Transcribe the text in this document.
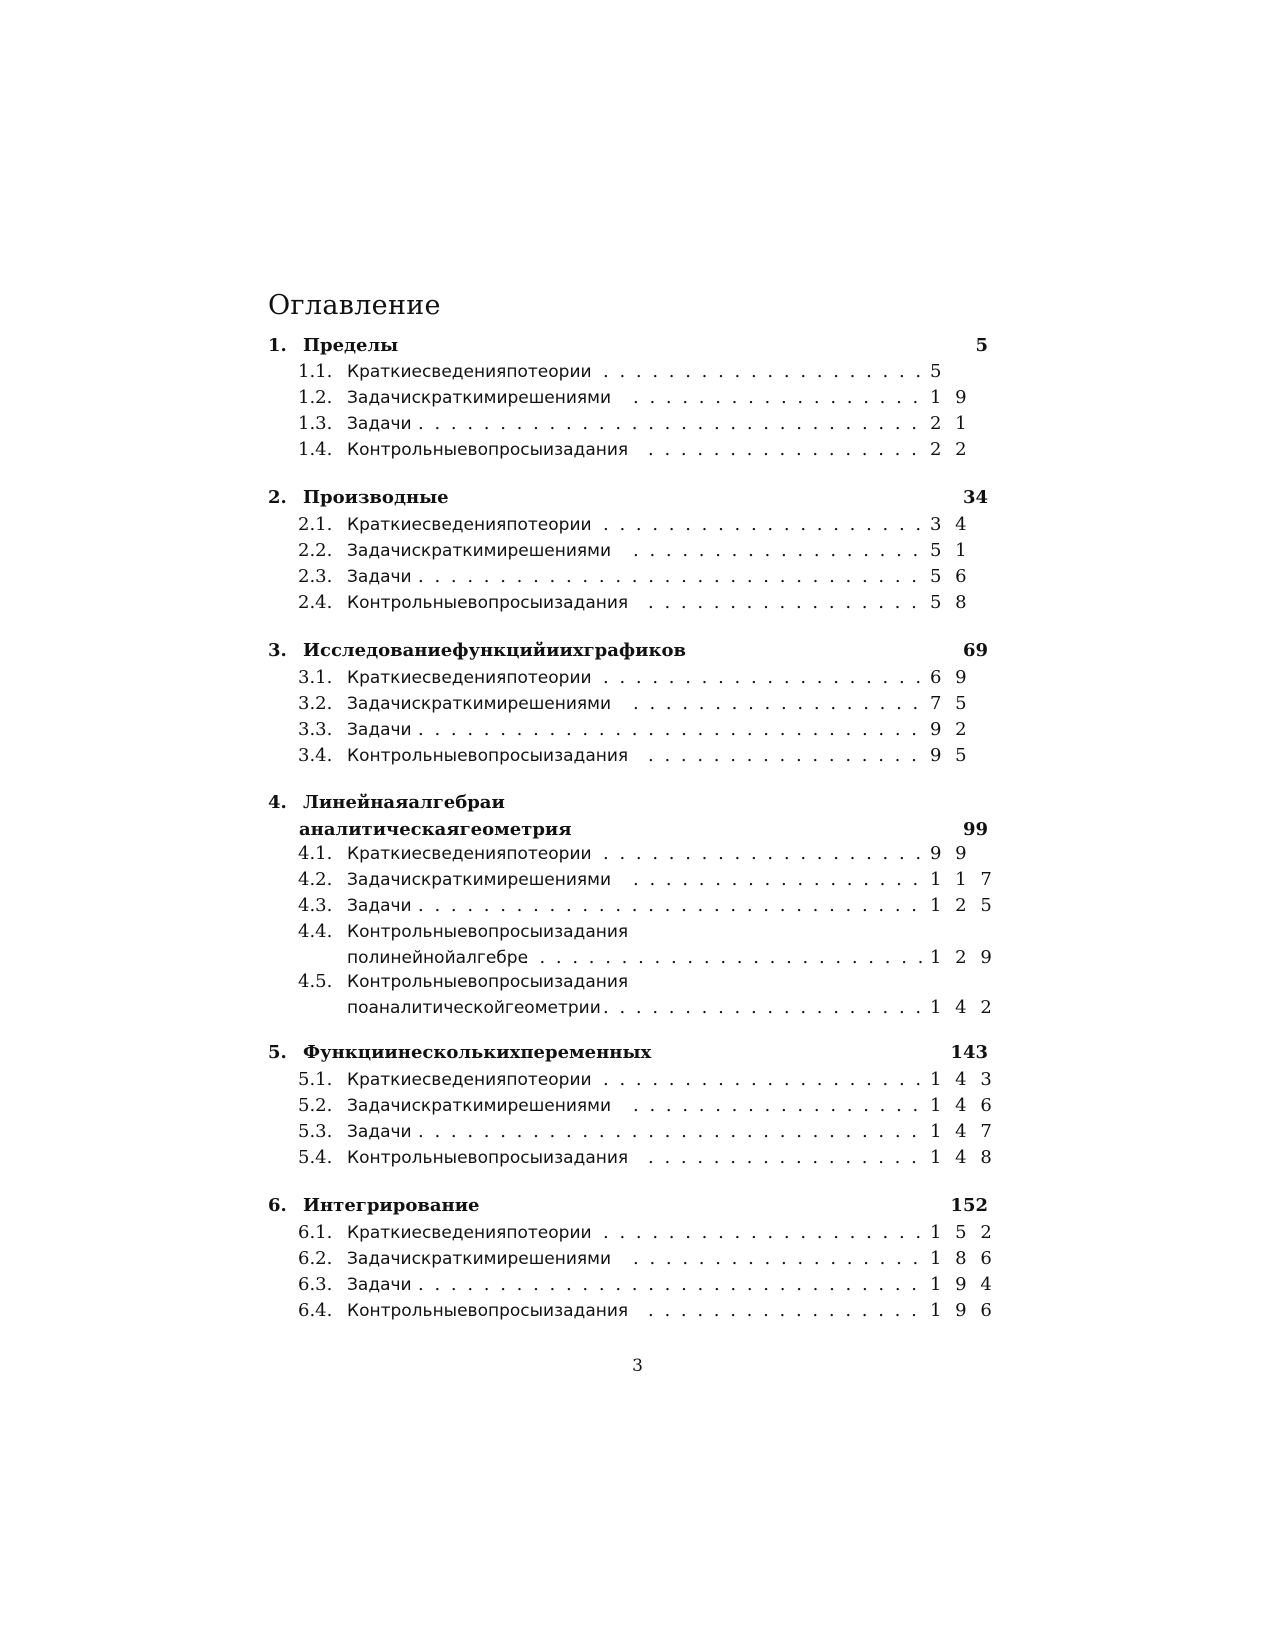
Оглавление
1. Пределы	5
1.1. Краткиесведенияпотеории . . .	5
1.2. Задачискраткимирешениями . . .	1 9
1.3. Задачи . . .	2 1
1.4. Контрольныевопросыизадания . . .	2 2
2. Производные	34
2.1. Краткиесведенияпотеории . . .	3 4
2.2. Задачискраткимирешениями . . .	5 1
2.3. Задачи . . .	5 6
2.4. Контрольныевопросыизадания . . .	5 8
3. Исследованиефункцийиихграфиков	69
3.1. Краткиесведенияпотеории . . .	6 9
3.2. Задачискраткимирешениями . . .	7 5
3.3. Задачи . . .	9 2
3.4. Контрольныевопросыизадания . . .	9 5
4. Линейнаяалгебраи
аналитическаягеометрия	99
4.1. Краткиесведенияпотеории . . .	9 9
4.2. Задачискраткимирешениями . . .	1 1 7
4.3. Задачи . . .	1 2 5
4.4. Контрольныевопросыизадания
полинейнойалгебре . . .	1 2 9
4.5. Контрольныевопросыизадания
поаналитическойгеометрии . . .	1 4 2
5. Функциинесколькихпеременных	143
5.1. Краткиесведенияпотеории . . .	1 4 3
5.2. Задачискраткимирешениями . . .	1 4 6
5.3. Задачи . . .	1 4 7
5.4. Контрольныевопросыизадания . . .	1 4 8
6. Интегрирование	152
6.1. Краткиесведенияпотеории . . .	1 5 2
6.2. Задачискраткимирешениями . . .	1 8 6
6.3. Задачи . . .	1 9 4
6.4. Контрольныевопросыизадания . . .	1 9 6
3
